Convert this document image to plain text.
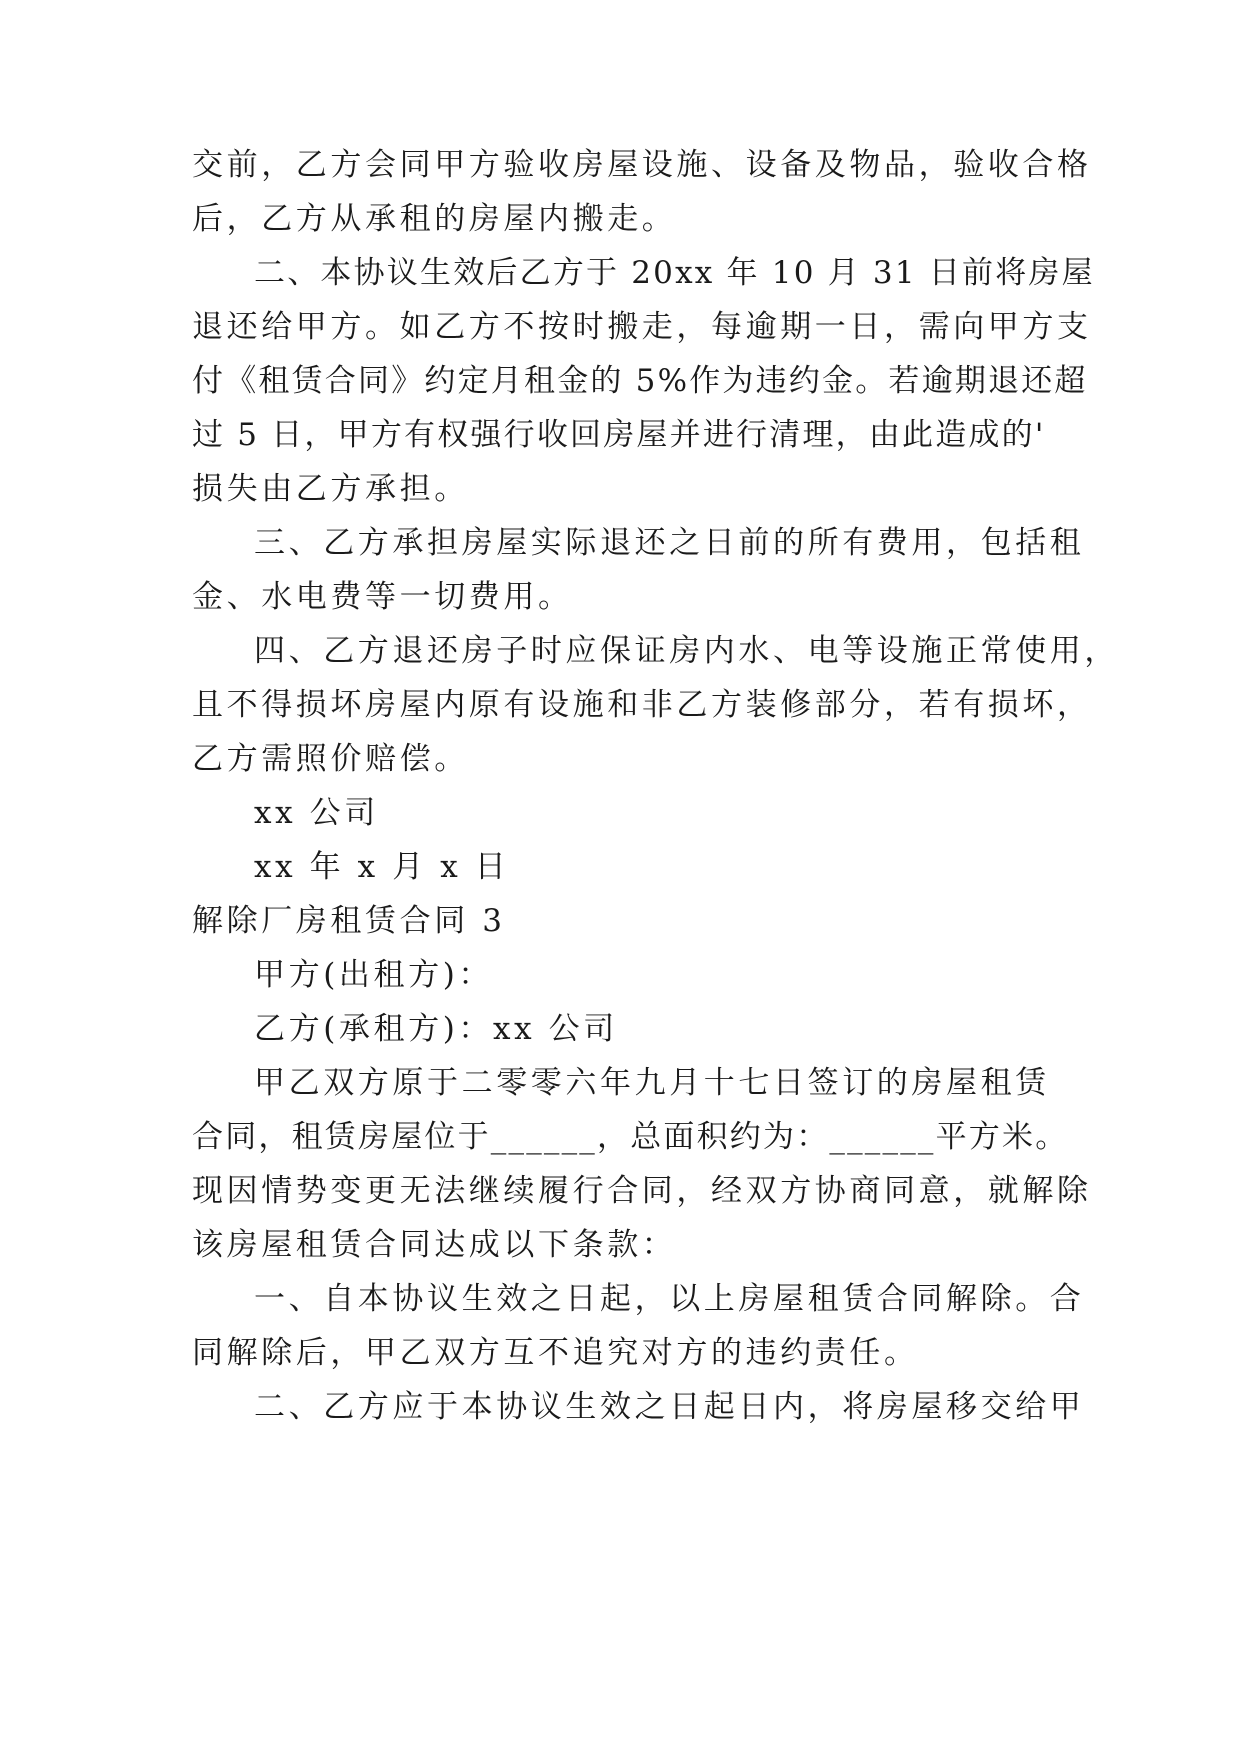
交前，乙方会同甲方验收房屋设施、设备及物品，验收合格
后，乙方从承租的房屋内搬走。
二、本协议生效后乙方于 20xx 年 10 月 31 日前将房屋
退还给甲方。如乙方不按时搬走，每逾期一日，需向甲方支
付《租赁合同》约定月租金的 5%作为违约金。若逾期退还超
过 5 日，甲方有权强行收回房屋并进行清理，由此造成的'
损失由乙方承担。
三、乙方承担房屋实际退还之日前的所有费用，包括租
金、水电费等一切费用。
四、乙方退还房子时应保证房内水、电等设施正常使用，
且不得损坏房屋内原有设施和非乙方装修部分，若有损坏，
乙方需照价赔偿。
xx 公司
xx 年 x 月 x 日
解除厂房租赁合同 3
甲方(出租方)：
乙方(承租方)：xx 公司
甲乙双方原于二零零六年九月十七日签订的房屋租赁
合同，租赁房屋位于______，总面积约为：______平方米。
现因情势变更无法继续履行合同，经双方协商同意，就解除
该房屋租赁合同达成以下条款：
一、自本协议生效之日起，以上房屋租赁合同解除。合
同解除后，甲乙双方互不追究对方的违约责任。
二、乙方应于本协议生效之日起日内，将房屋移交给甲
